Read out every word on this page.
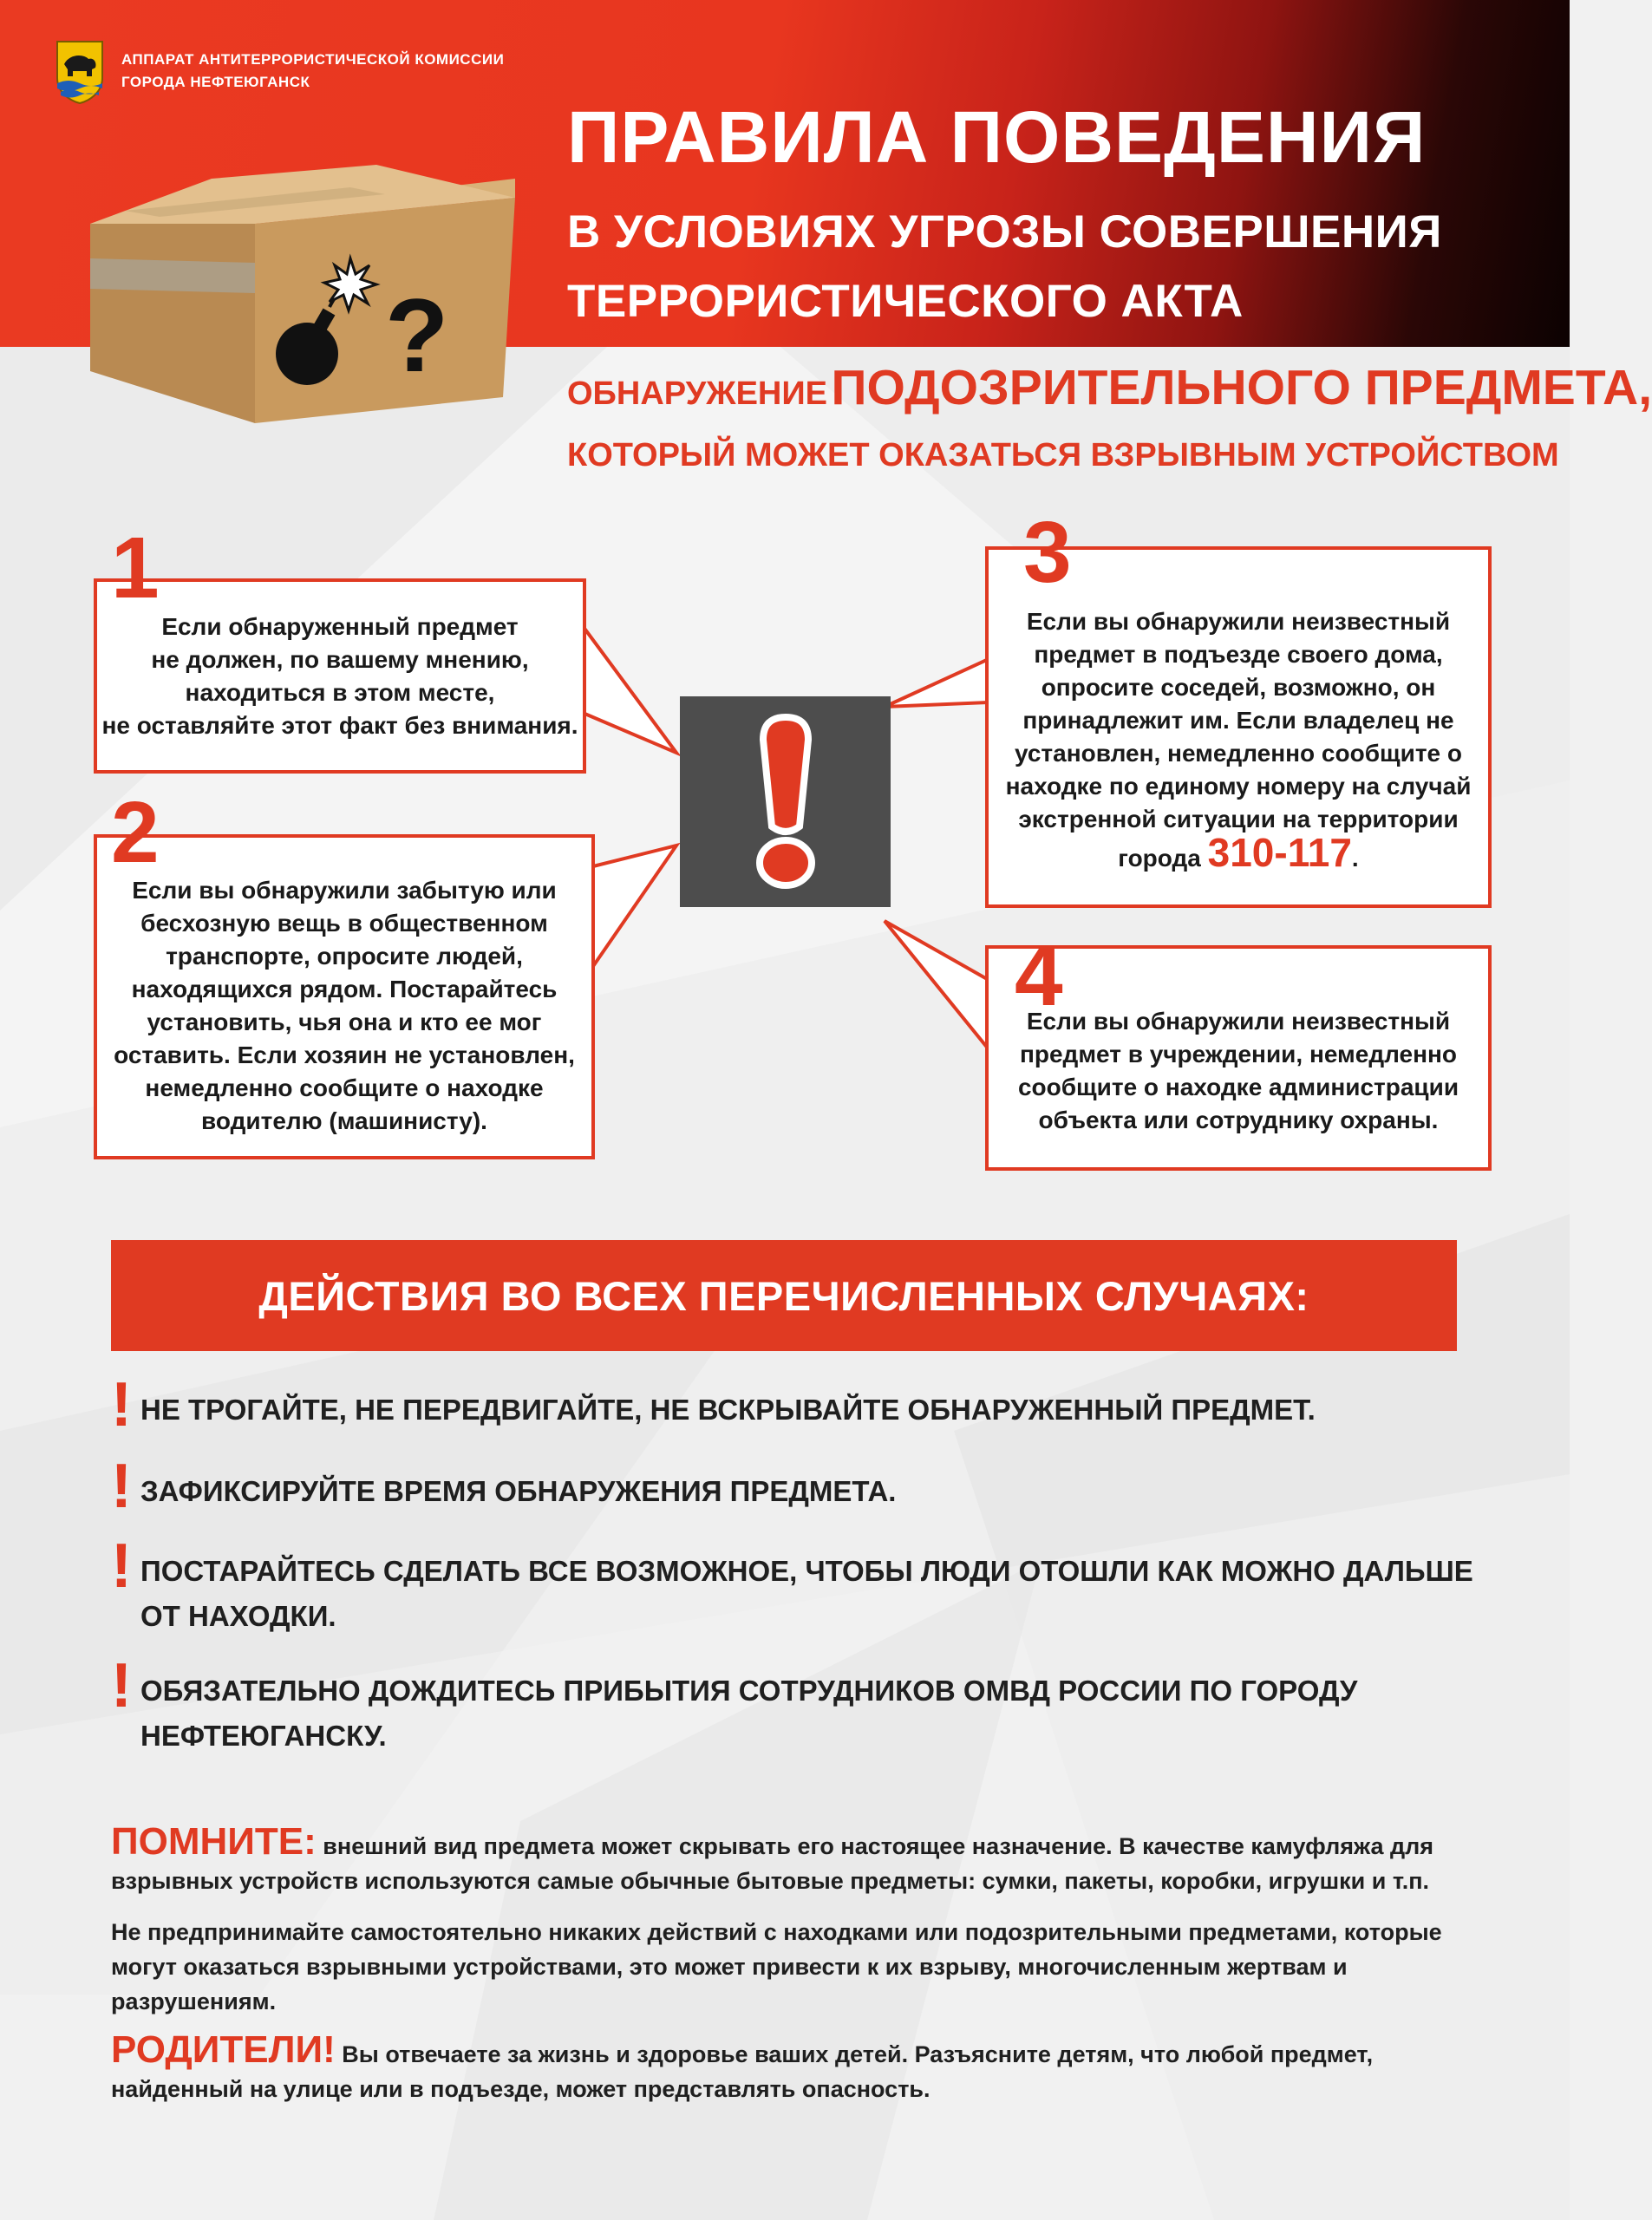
АППАРАТ АНТИТЕРРОРИСТИЧЕСКОЙ КОМИССИИ
ГОРОДА НЕФТЕЮГАНСК
ПРАВИЛА ПОВЕДЕНИЯ
В УСЛОВИЯХ УГРОЗЫ СОВЕРШЕНИЯ
ТЕРРОРИСТИЧЕСКОГО АКТА
?	ОБНАРУЖЕНИЕ ПОДОЗРИТЕЛЬНОГО ПРЕДМЕТА,
КОТОРЫЙ МОЖЕТ ОКАЗАТЬСЯ ВЗРЫВНЫМ УСТРОЙСТВОМ
1
Если обнаруженный предмет
не должен, по вашему мнению,
находиться в этом месте,
не оставляйте этот факт без внимания.
2
Если вы обнаружили забытую или
бесхозную вещь в общественном
транспорте, опросите людей,
находящихся рядом. Постарайтесь
установить, чья она и кто ее мог
оставить. Если хозяин не установлен,
немедленно сообщите о находке
водителю (машинисту).
3
Если вы обнаружили неизвестный
предмет в подъезде своего дома,
опросите соседей, возможно, он
принадлежит им. Если владелец не
установлен, немедленно сообщите о
находке по единому номеру на случай
экстренной ситуации на территории
города 310-117.
4
Если вы обнаружили неизвестный
предмет в учреждении, немедленно
сообщите о находке администрации
объекта или сотруднику охраны.
ДЕЙСТВИЯ ВО ВСЕХ ПЕРЕЧИСЛЕННЫХ СЛУЧАЯХ:
! НЕ ТРОГАЙТЕ, НЕ ПЕРЕДВИГАЙТЕ, НЕ ВСКРЫВАЙТЕ ОБНАРУЖЕННЫЙ ПРЕДМЕТ.
! ЗАФИКСИРУЙТЕ ВРЕМЯ ОБНАРУЖЕНИЯ ПРЕДМЕТА.
! ПОСТАРАЙТЕСЬ СДЕЛАТЬ ВСЕ ВОЗМОЖНОЕ, ЧТОБЫ ЛЮДИ ОТОШЛИ КАК МОЖНО ДАЛЬШЕ ОТ НАХОДКИ.
! ОБЯЗАТЕЛЬНО ДОЖДИТЕСЬ ПРИБЫТИЯ СОТРУДНИКОВ ОМВД РОССИИ ПО ГОРОДУ НЕФТЕЮГАНСКУ.
ПОМНИТЕ: внешний вид предмета может скрывать его настоящее назначение. В качестве камуфляжа для взрывных устройств используются самые обычные бытовые предметы: сумки, пакеты, коробки, игрушки и т.п.
Не предпринимайте самостоятельно никаких действий с находками или подозрительными предметами, которые могут оказаться взрывными устройствами, это может привести к их взрыву, многочисленным жертвам и разрушениям.
РОДИТЕЛИ! Вы отвечаете за жизнь и здоровье ваших детей. Разъясните детям, что любой предмет, найденный на улице или в подъезде, может представлять опасность.
